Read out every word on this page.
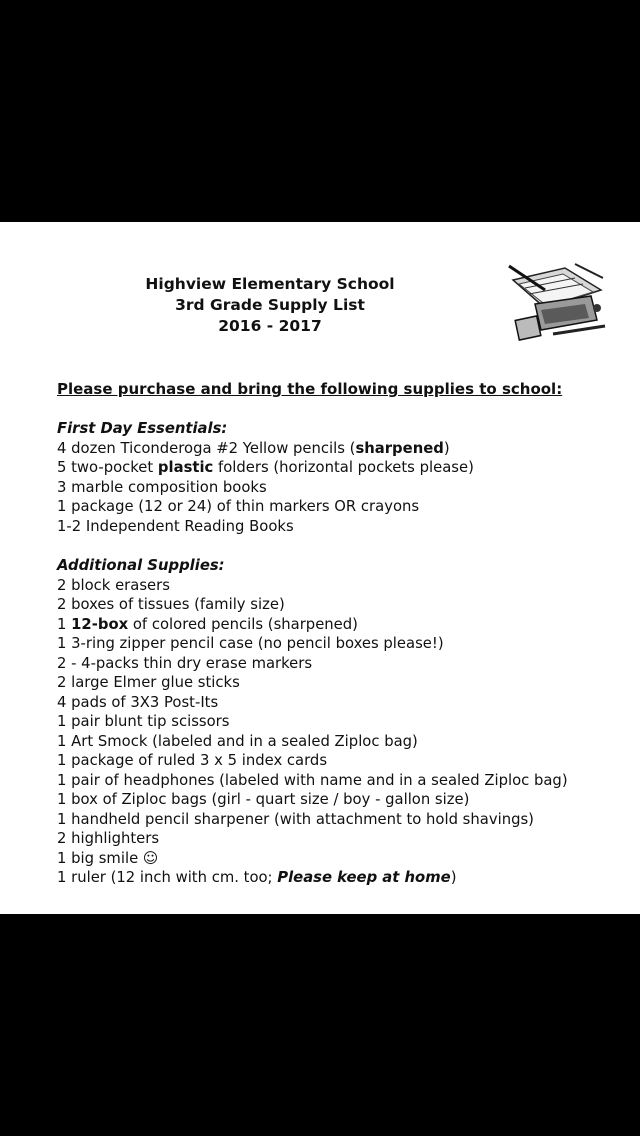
Highview Elementary School
3rd Grade Supply List
2016 - 2017
Please purchase and bring the following supplies to school:
First Day Essentials:
4 dozen Ticonderoga #2 Yellow pencils (sharpened)
5 two-pocket plastic folders (horizontal pockets please)
3 marble composition books
1 package (12 or 24) of thin markers OR crayons
1-2 Independent Reading Books
Additional Supplies:
2 block erasers
2 boxes of tissues (family size)
1 12-box of colored pencils (sharpened)
1 3-ring zipper pencil case (no pencil boxes please!)
2 - 4-packs thin dry erase markers
2 large Elmer glue sticks
4 pads of 3X3 Post-Its
1 pair blunt tip scissors
1 Art Smock (labeled and in a sealed Ziploc bag)
1 package of ruled 3 x 5 index cards
1 pair of headphones (labeled with name and in a sealed Ziploc bag)
1 box of Ziploc bags (girl - quart size / boy - gallon size)
1 handheld pencil sharpener (with attachment to hold shavings)
2 highlighters
1 big smile ☺
1 ruler (12 inch with cm. too; Please keep at home)
